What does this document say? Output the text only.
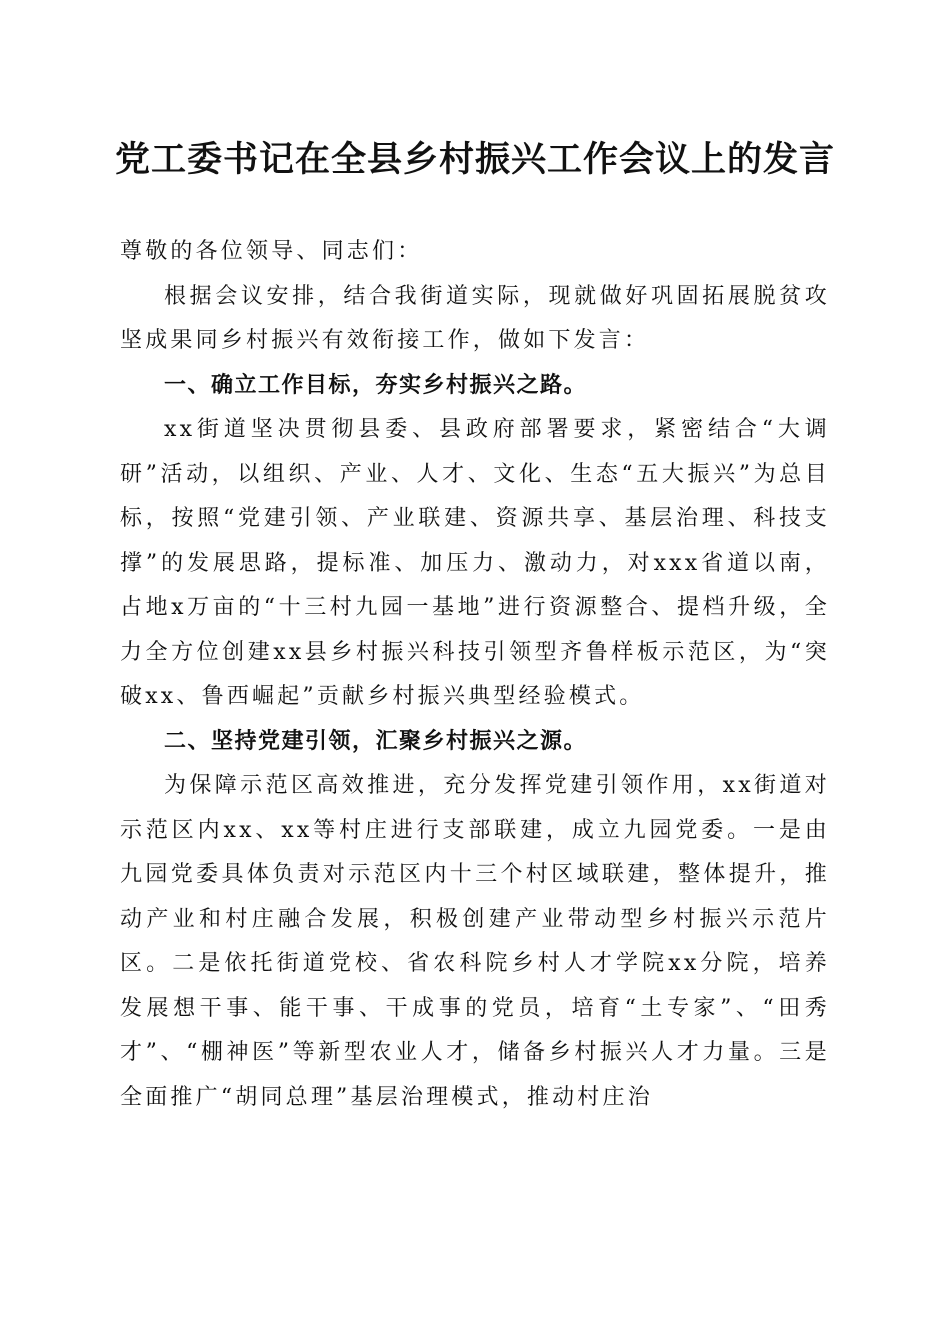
党工委书记在全县乡村振兴工作会议上的发言

尊敬的各位领导、同志们：

根据会议安排，结合我街道实际，现就做好巩固拓展脱贫攻坚成果同乡村振兴有效衔接工作，做如下发言：

一、确立工作目标，夯实乡村振兴之路。

xx街道坚决贯彻县委、县政府部署要求，紧密结合“大调研”活动，以组织、产业、人才、文化、生态“五大振兴”为总目标，按照“党建引领、产业联建、资源共享、基层治理、科技支撑”的发展思路，提标准、加压力、激动力，对xxx省道以南，占地x万亩的“十三村九园一基地”进行资源整合、提档升级，全力全方位创建xx县乡村振兴科技引领型齐鲁样板示范区，为“突破xx、鲁西崛起”贡献乡村振兴典型经验模式。

二、坚持党建引领，汇聚乡村振兴之源。

为保障示范区高效推进，充分发挥党建引领作用，xx街道对示范区内xx、xx等村庄进行支部联建，成立九园党委。一是由九园党委具体负责对示范区内十三个村区域联建，整体提升，推动产业和村庄融合发展，积极创建产业带动型乡村振兴示范片区。二是依托街道党校、省农科院乡村人才学院xx分院，培养发展想干事、能干事、干成事的党员，培育“土专家”、“田秀才”、“棚神医”等新型农业人才，储备乡村振兴人才力量。三是全面推广“胡同总理”基层治理模式，推动村庄治
